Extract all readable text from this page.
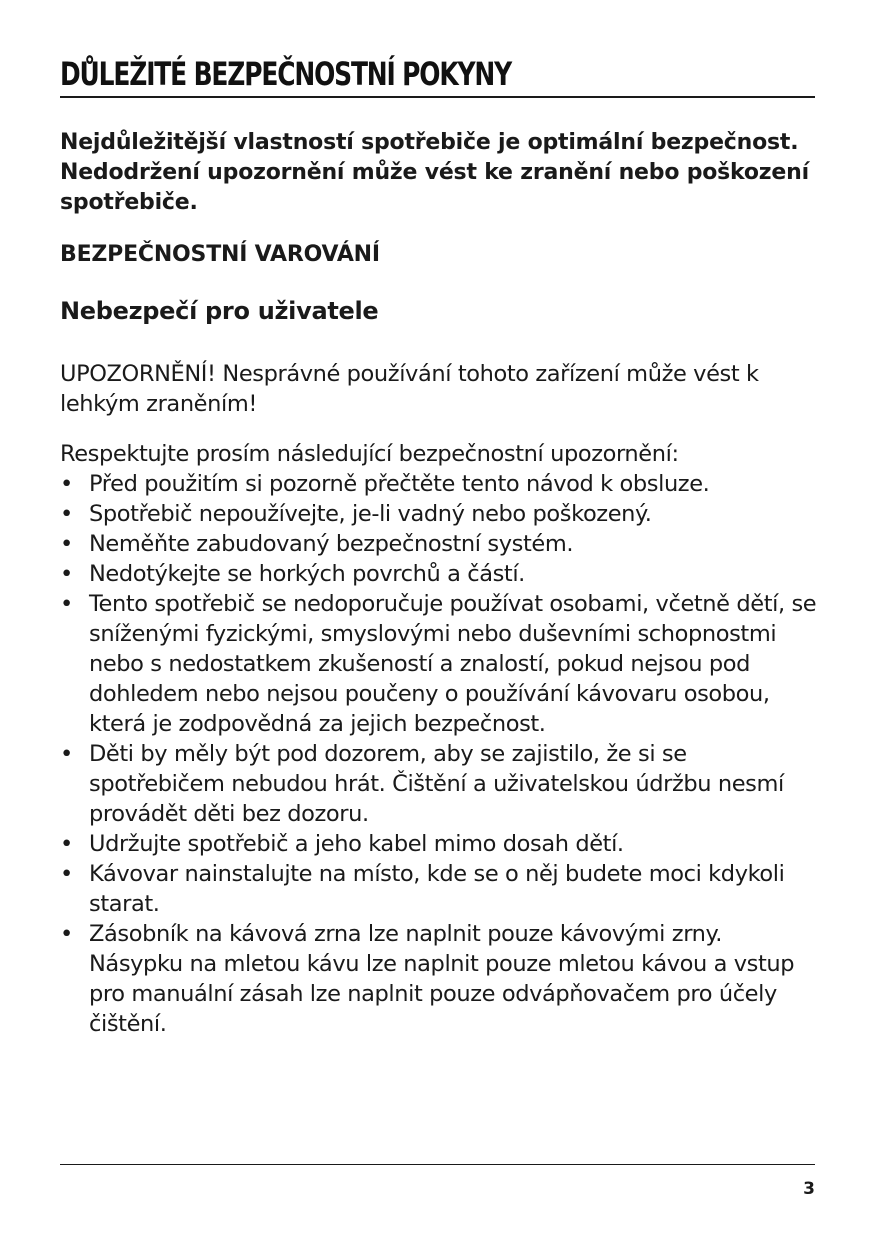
DŮLEŽITÉ BEZPEČNOSTNÍ POKYNY

Nejdůležitější vlastností spotřebiče je optimální bezpečnost. Nedodržení upozornění může vést ke zranění nebo poškození spotřebiče.

BEZPEČNOSTNÍ VAROVÁNÍ
Nebezpečí pro uživatele

UPOZORNĚNÍ! Nesprávné používání tohoto zařízení může vést k lehkým zraněním!

Respektujte prosím následující bezpečnostní upozornění:

• Před použitím si pozorně přečtěte tento návod k obsluze.
• Spotřebič nepoužívejte, je-li vadný nebo poškozený.
• Neměňte zabudovaný bezpečnostní systém.
• Nedotýkejte se horkých povrchů a částí.
• Tento spotřebič se nedoporučuje používat osobami, včetně dětí, se sníženými fyzickými, smyslovými nebo duševními schopnostmi nebo s nedostatkem zkušeností a znalostí, pokud nejsou pod dohledem nebo nejsou poučeny o používání kávovaru osobou, která je zodpovědná za jejich bezpečnost.
• Děti by měly být pod dozorem, aby se zajistilo, že si se spotřebičem nebudou hrát. Čištění a uživatelskou údržbu nesmí provádět děti bez dozoru.
• Udržujte spotřebič a jeho kabel mimo dosah dětí.
• Kávovar nainstalujte na místo, kde se o něj budete moci kdykoli starat.
• Zásobník na kávová zrna lze naplnit pouze kávovými zrny. Násypku na mletou kávu lze naplnit pouze mletou kávou a vstup pro manuální zásah lze naplnit pouze odvápňovačem pro účely čištění.
3
